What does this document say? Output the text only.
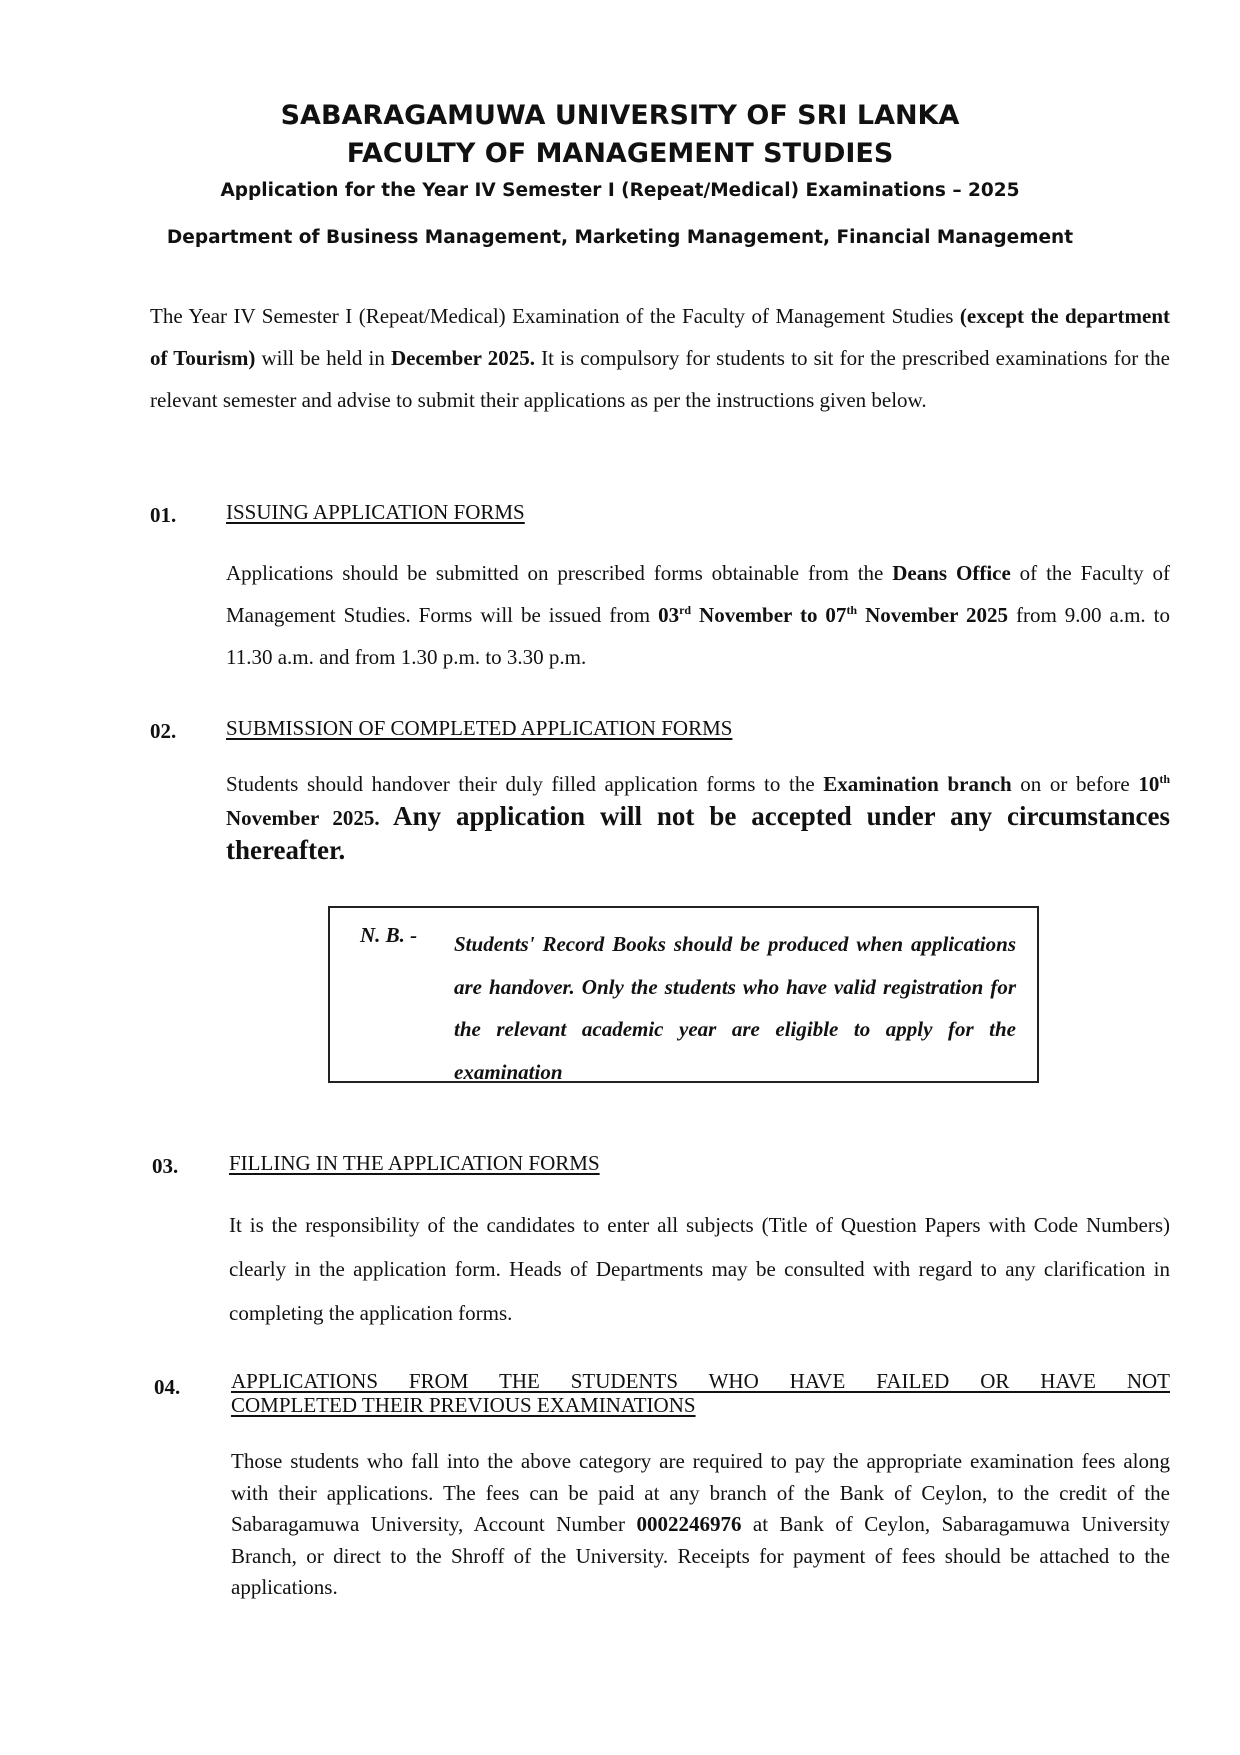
SABARAGAMUWA UNIVERSITY OF SRI LANKA
FACULTY OF MANAGEMENT STUDIES
Application for the Year IV Semester I (Repeat/Medical) Examinations – 2025
Department of Business Management, Marketing Management, Financial Management
The Year IV Semester I (Repeat/Medical) Examination of the Faculty of Management Studies (except the department of Tourism) will be held in December 2025. It is compulsory for students to sit for the prescribed examinations for the relevant semester and advise to submit their applications as per the instructions given below.
01. ISSUING APPLICATION FORMS
Applications should be submitted on prescribed forms obtainable from the Deans Office of the Faculty of Management Studies. Forms will be issued from 03rd November to 07th November 2025 from 9.00 a.m. to 11.30 a.m. and from 1.30 p.m. to 3.30 p.m.
02. SUBMISSION OF COMPLETED APPLICATION FORMS
Students should handover their duly filled application forms to the Examination branch on or before 10th November 2025. Any application will not be accepted under any circumstances thereafter.
N. B. - Students' Record Books should be produced when applications are handover. Only the students who have valid registration for the relevant academic year are eligible to apply for the examination
03. FILLING IN THE APPLICATION FORMS
It is the responsibility of the candidates to enter all subjects (Title of Question Papers with Code Numbers) clearly in the application form. Heads of Departments may be consulted with regard to any clarification in completing the application forms.
04. APPLICATIONS FROM THE STUDENTS WHO HAVE FAILED OR HAVE NOT
COMPLETED THEIR PREVIOUS EXAMINATIONS
Those students who fall into the above category are required to pay the appropriate examination fees along with their applications. The fees can be paid at any branch of the Bank of Ceylon, to the credit of the Sabaragamuwa University, Account Number 0002246976 at Bank of Ceylon, Sabaragamuwa University Branch, or direct to the Shroff of the University. Receipts for payment of fees should be attached to the applications.
